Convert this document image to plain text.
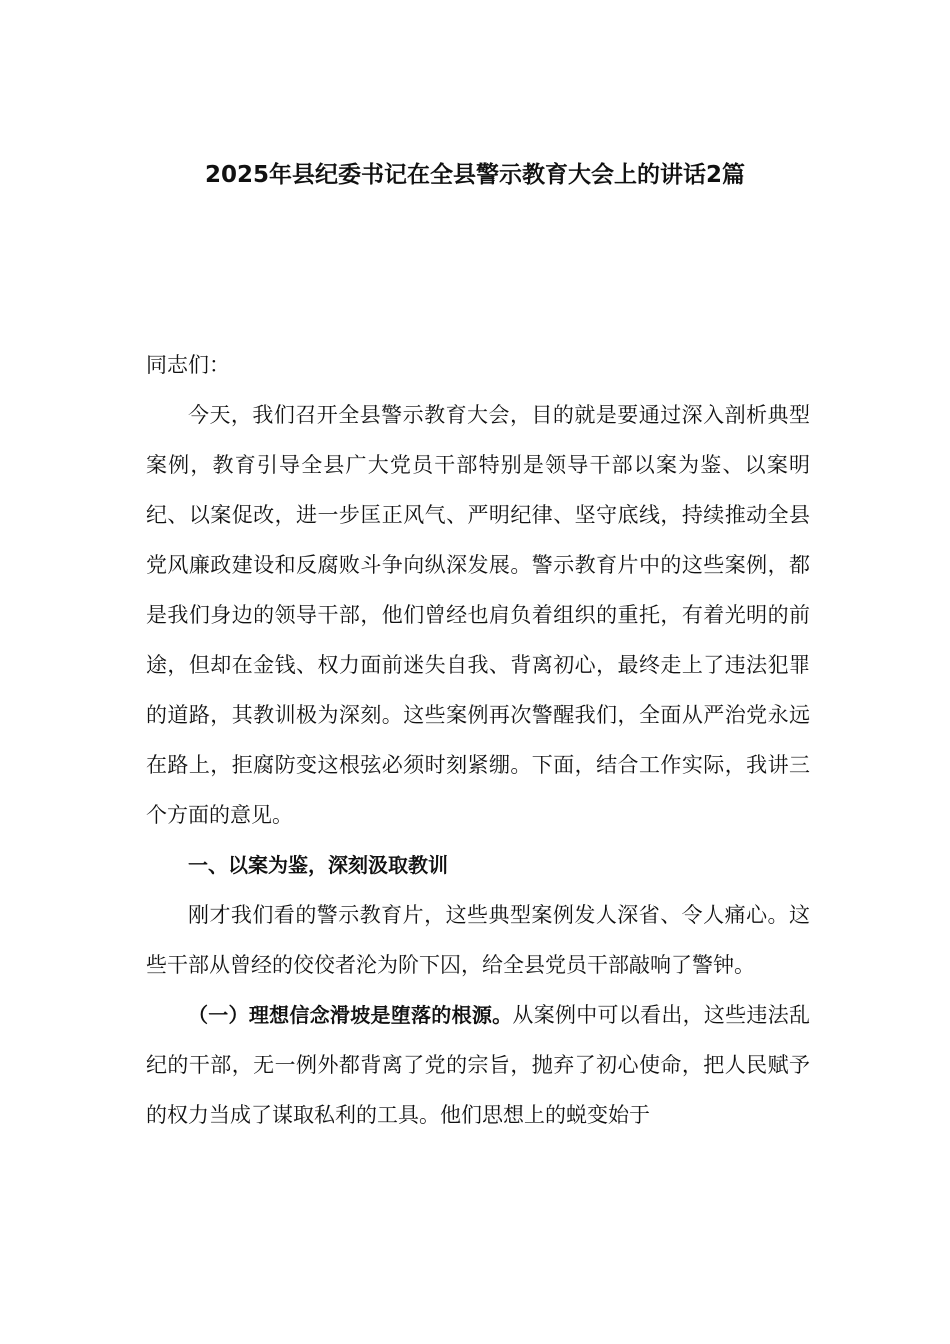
2025年县纪委书记在全县警示教育大会上的讲话2篇

同志们：

今天，我们召开全县警示教育大会，目的就是要通过深入剖析典型案例，教育引导全县广大党员干部特别是领导干部以案为鉴、以案明纪、以案促改，进一步匡正风气、严明纪律、坚守底线，持续推动全县党风廉政建设和反腐败斗争向纵深发展。警示教育片中的这些案例，都是我们身边的领导干部，他们曾经也肩负着组织的重托，有着光明的前途，但却在金钱、权力面前迷失自我、背离初心，最终走上了违法犯罪的道路，其教训极为深刻。这些案例再次警醒我们，全面从严治党永远在路上，拒腐防变这根弦必须时刻紧绷。下面，结合工作实际，我讲三个方面的意见。

一、以案为鉴，深刻汲取教训

刚才我们看的警示教育片，这些典型案例发人深省、令人痛心。这些干部从曾经的佼佼者沦为阶下囚，给全县党员干部敲响了警钟。

（一）理想信念滑坡是堕落的根源。从案例中可以看出，这些违法乱纪的干部，无一例外都背离了党的宗旨，抛弃了初心使命，把人民赋予的权力当成了谋取私利的工具。他们思想上的蜕变始于
